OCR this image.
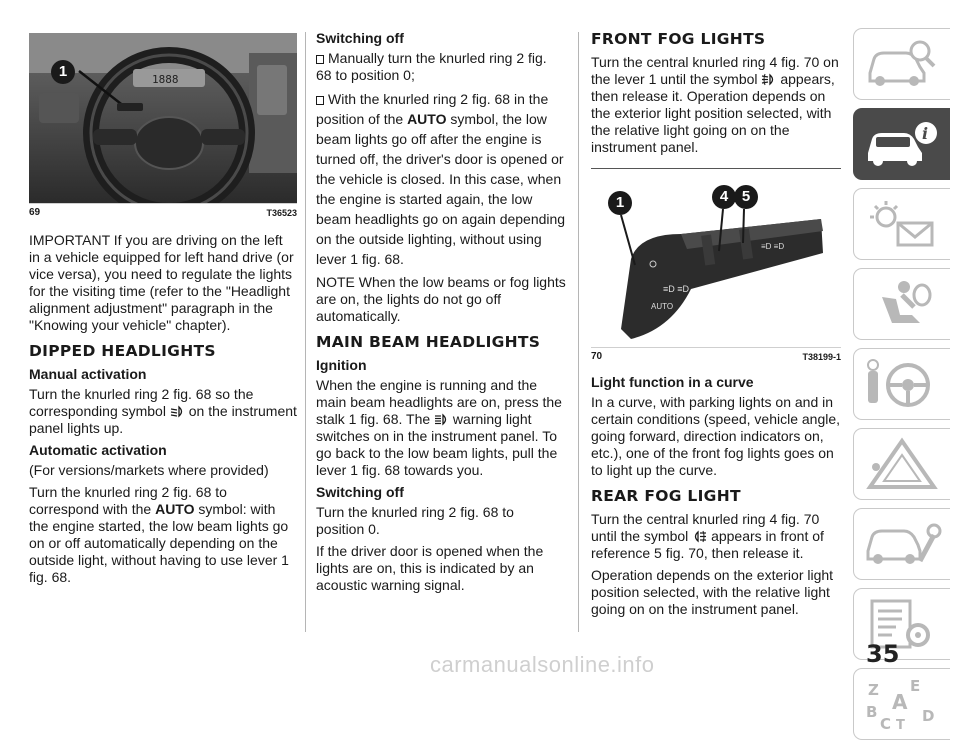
1888
1
69	T36523

IMPORTANT If you are driving on the left in a vehicle equipped for left hand drive (or vice versa), you need to regulate the lights for the visiting time (refer to the "Headlight alignment adjustment" paragraph in the "Knowing your vehicle" chapter).

DIPPED HEADLIGHTS
Manual activation

Turn the knurled ring 2 fig. 68 so the corresponding symbol on the instrument panel lights up.

Automatic activation

(For versions/markets where provided)

Turn the knurled ring 2 fig. 68 to correspond with the AUTO symbol: with the engine started, the low beam lights go on or off automatically depending on the outside light, without having to use lever 1 fig. 68.

Switching off

Manually turn the knurled ring 2 fig. 68 to position 0;

With the knurled ring 2 fig. 68 in the position of the AUTO symbol, the low beam lights go off after the engine is turned off, the driver's door is opened or the vehicle is closed. In this case, when the engine is started again, the low beam headlights go on again depending on the outside lighting, without using lever 1 fig. 68.

NOTE When the low beams or fog lights are on, the lights do not go off automatically.

MAIN BEAM HEADLIGHTS
Ignition

When the engine is running and the main beam headlights are on, press the stalk 1 fig. 68. The warning light switches on in the instrument panel. To go back to the low beam lights, pull the lever 1 fig. 68 towards you.

Switching off

Turn the knurled ring 2 fig. 68 to position 0.

If the driver door is opened when the lights are on, this is indicated by an acoustic warning signal.

FRONT FOG LIGHTS

Turn the central knurled ring 4 fig. 70 on the lever 1 until the symbol appears, then release it. Operation depends on the exterior light position selected, with the relative light going on on the instrument panel.

AUTO
≡D ≡D
≡D ≡D
1	4 5
70	T38199-1
Light function in a curve

In a curve, with parking lights on and in certain conditions (speed, vehicle angle, going forward, direction indicators on, etc.), one of the front fog lights goes on to light up the curve.

REAR FOG LIGHT

Turn the central knurled ring 4 fig. 70 until the symbol appears in front of reference 5 fig. 70, then release it.

Operation depends on the exterior light position selected, with the relative light going on on the instrument panel.

i
Z E
A
B
C D
T
35
carmanualsonline.info
